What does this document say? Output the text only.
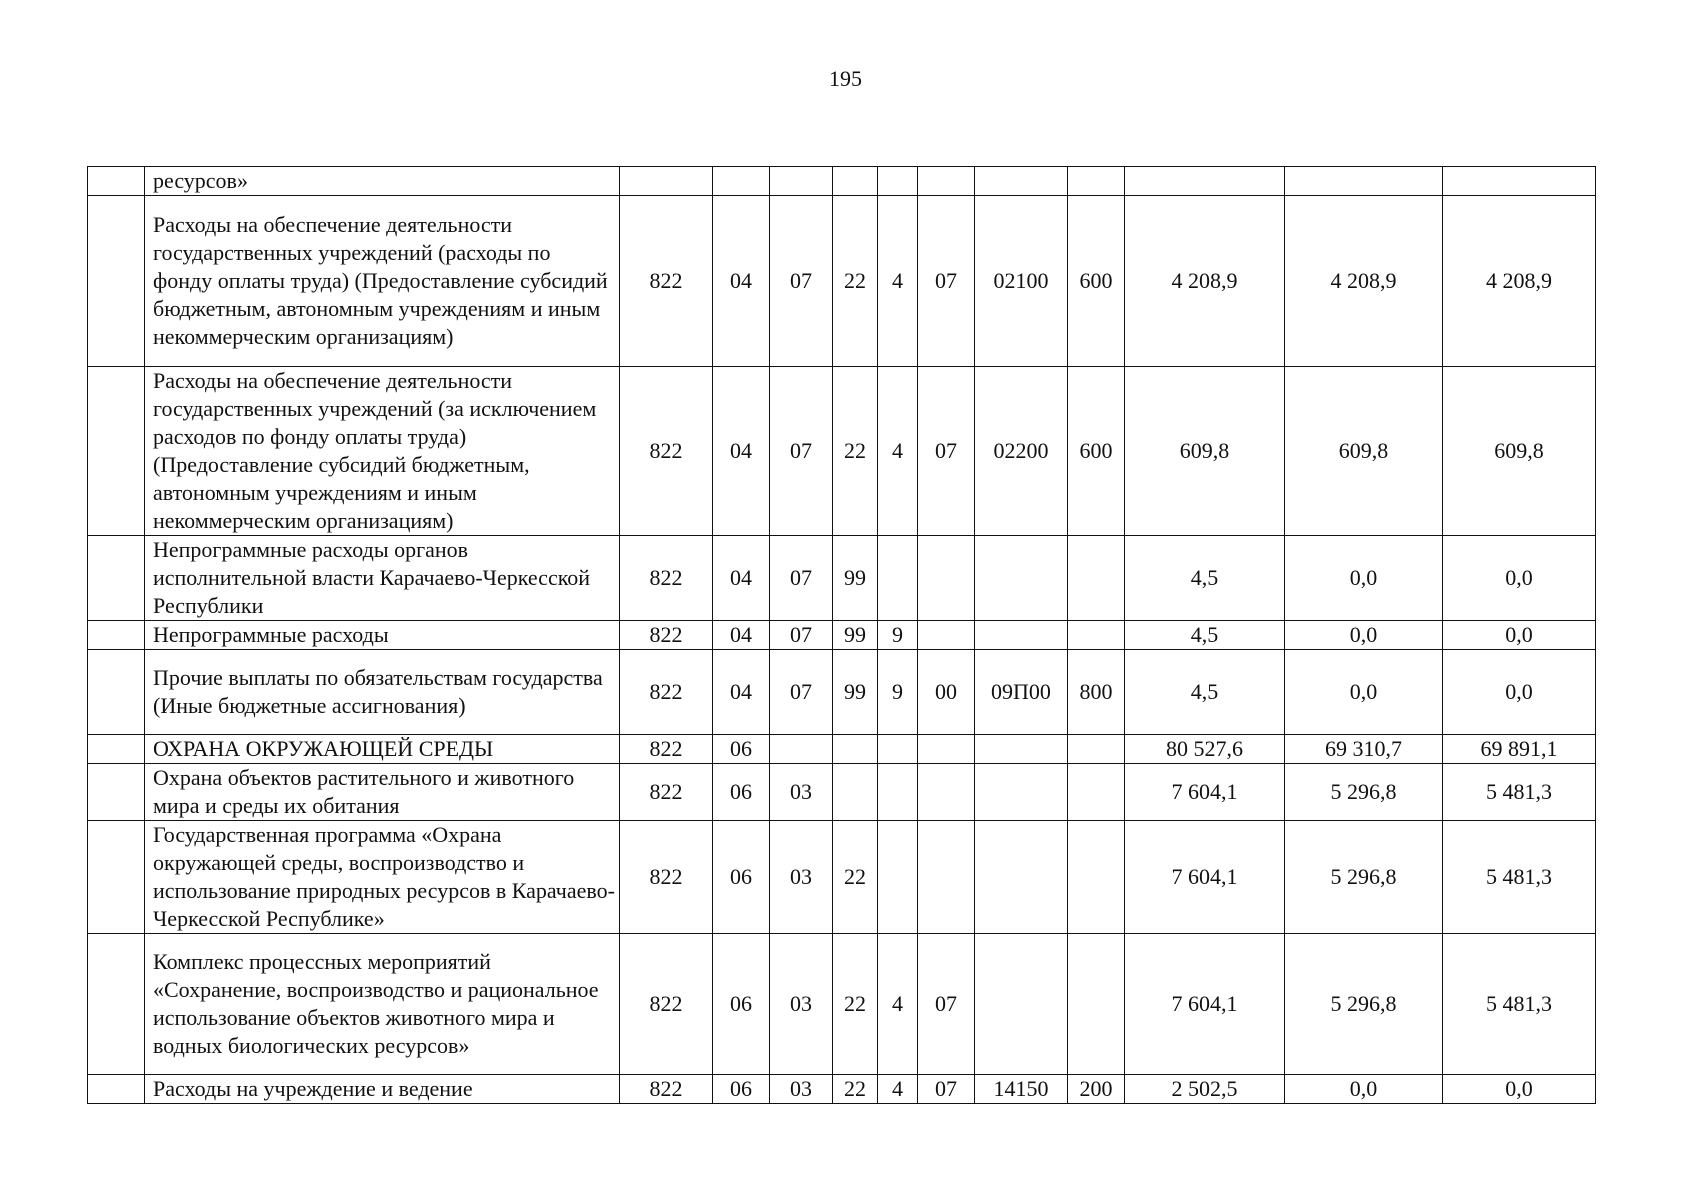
195
	ресурсов»											
	Расходы на обеспечение деятельности государственных учреждений (расходы по фонду оплаты труда) (Предоставление субсидий бюджетным, автономным учреждениям и иным некоммерческим организациям)	822	04	07	22	4	07	02100	600	4 208,9	4 208,9	4 208,9
	Расходы на обеспечение деятельности государственных учреждений (за исключением расходов по фонду оплаты труда) (Предоставление субсидий бюджетным, автономным учреждениям и иным некоммерческим организациям)	822	04	07	22	4	07	02200	600	609,8	609,8	609,8
	Непрограммные расходы органов исполнительной власти Карачаево-Черкесской Республики	822	04	07	99					4,5	0,0	0,0
	Непрограммные расходы	822	04	07	99	9				4,5	0,0	0,0
	Прочие выплаты по обязательствам государства (Иные бюджетные ассигнования)	822	04	07	99	9	00	09П00	800	4,5	0,0	0,0
	ОХРАНА ОКРУЖАЮЩЕЙ СРЕДЫ	822	06							80 527,6	69 310,7	69 891,1
	Охрана объектов растительного и животного мира и среды их обитания	822	06	03						7 604,1	5 296,8	5 481,3
	Государственная программа «Охрана окружающей среды, воспроизводство и использование природных ресурсов в Карачаево-Черкесской Республике»	822	06	03	22					7 604,1	5 296,8	5 481,3
	Комплекс процессных мероприятий «Сохранение, воспроизводство и рациональное использование объектов животного мира и водных биологических ресурсов»	822	06	03	22	4	07			7 604,1	5 296,8	5 481,3
	Расходы на учреждение и ведение	822	06	03	22	4	07	14150	200	2 502,5	0,0	0,0
